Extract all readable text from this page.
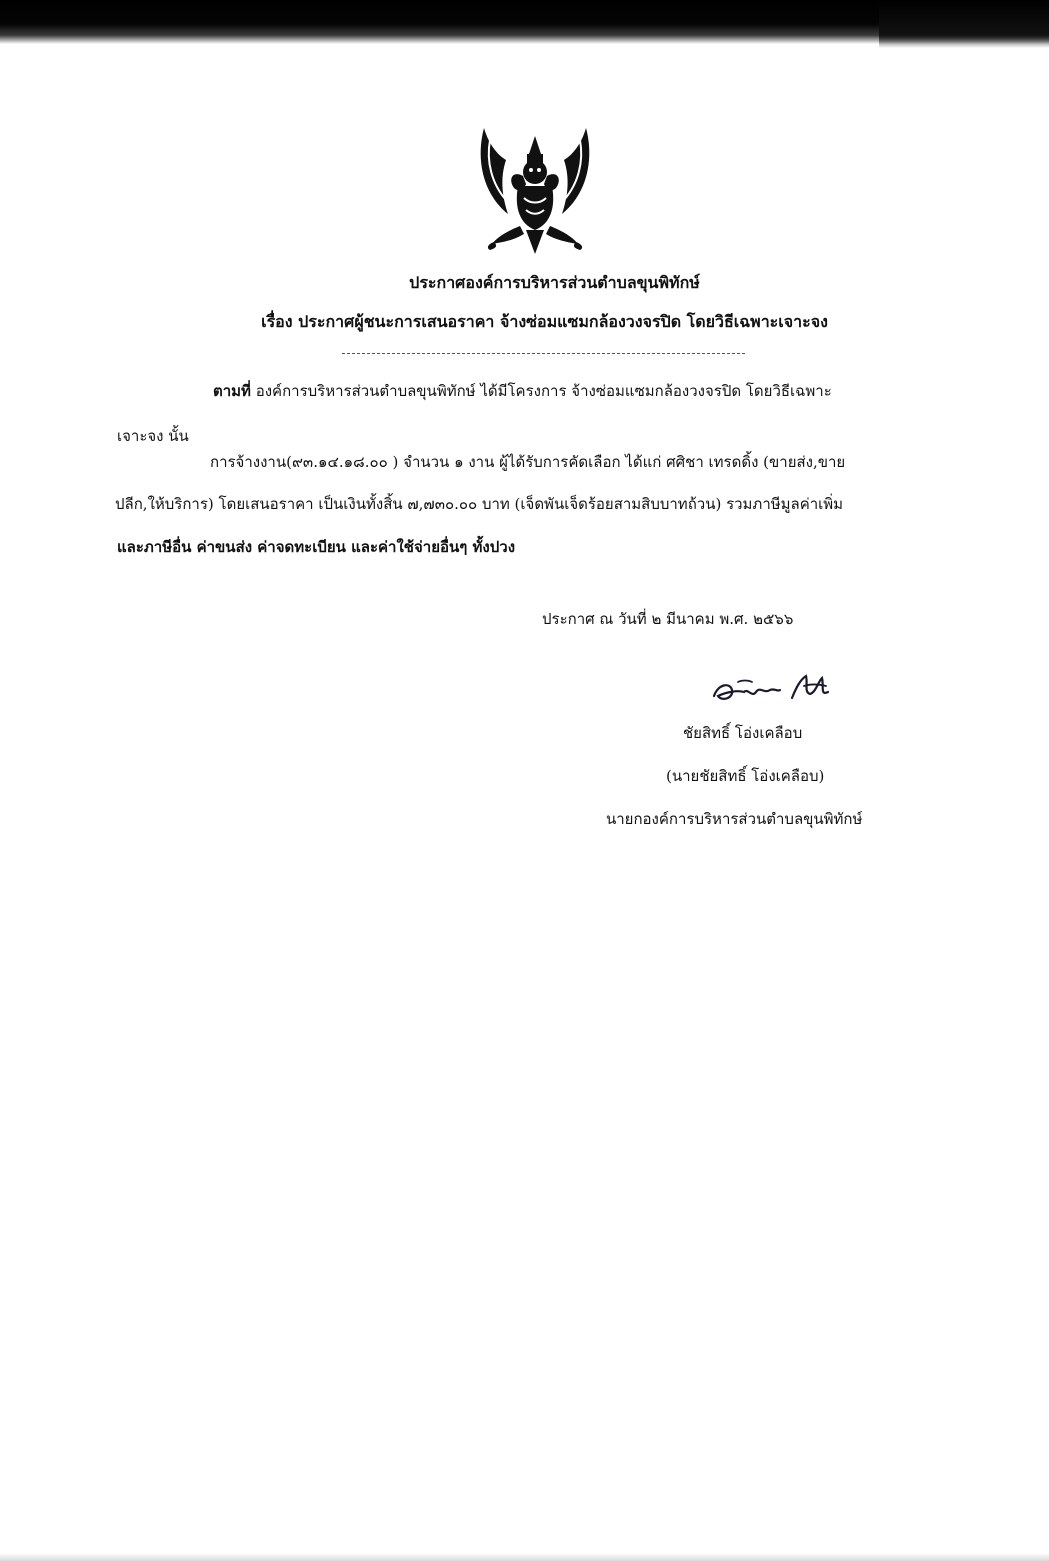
ประกาศองค์การบริหารส่วนตำบลขุนพิทักษ์
เรื่อง ประกาศผู้ชนะการเสนอราคา จ้างซ่อมแซมกล้องวงจรปิด โดยวิธีเฉพาะเจาะจง
ตามที่ องค์การบริหารส่วนตำบลขุนพิทักษ์ ได้มีโครงการ จ้างซ่อมแซมกล้องวงจรปิด โดยวิธีเฉพาะ
เจาะจง นั้น
การจ้างงาน(๙๓.๑๔.๑๘.๐๐ ) จำนวน ๑ งาน ผู้ได้รับการคัดเลือก ได้แก่ ศศิชา เทรดดิ้ง (ขายส่ง,ขาย
ปลีก,ให้บริการ) โดยเสนอราคา เป็นเงินทั้งสิ้น ๗,๗๓๐.๐๐ บาท (เจ็ดพันเจ็ดร้อยสามสิบบาทถ้วน) รวมภาษีมูลค่าเพิ่ม
และภาษีอื่น ค่าขนส่ง ค่าจดทะเบียน และค่าใช้จ่ายอื่นๆ ทั้งปวง
ประกาศ ณ วันที่ ๒ มีนาคม พ.ศ. ๒๕๖๖
ชัยสิทธิ์ โอ่งเคลือบ
(นายชัยสิทธิ์ โอ่งเคลือบ)
นายกองค์การบริหารส่วนตำบลขุนพิทักษ์
